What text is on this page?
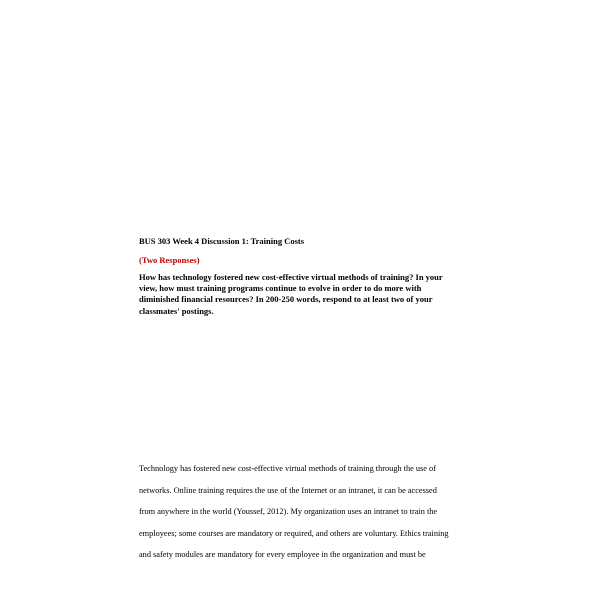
BUS 303 Week 4 Discussion 1: Training Costs
(Two Responses)
How has technology fostered new cost-effective virtual methods of training? In your
view, how must training programs continue to evolve in order to do more with
diminished financial resources? In 200-250 words, respond to at least two of your
classmates' postings.
Technology has fostered new cost-effective virtual methods of training through the use of
networks. Online training requires the use of the Internet or an intranet, it can be accessed
from anywhere in the world (Youssef, 2012). My organization uses an intranet to train the
employees; some courses are mandatory or required, and others are voluntary. Ethics training
and safety modules are mandatory for every employee in the organization and must be
